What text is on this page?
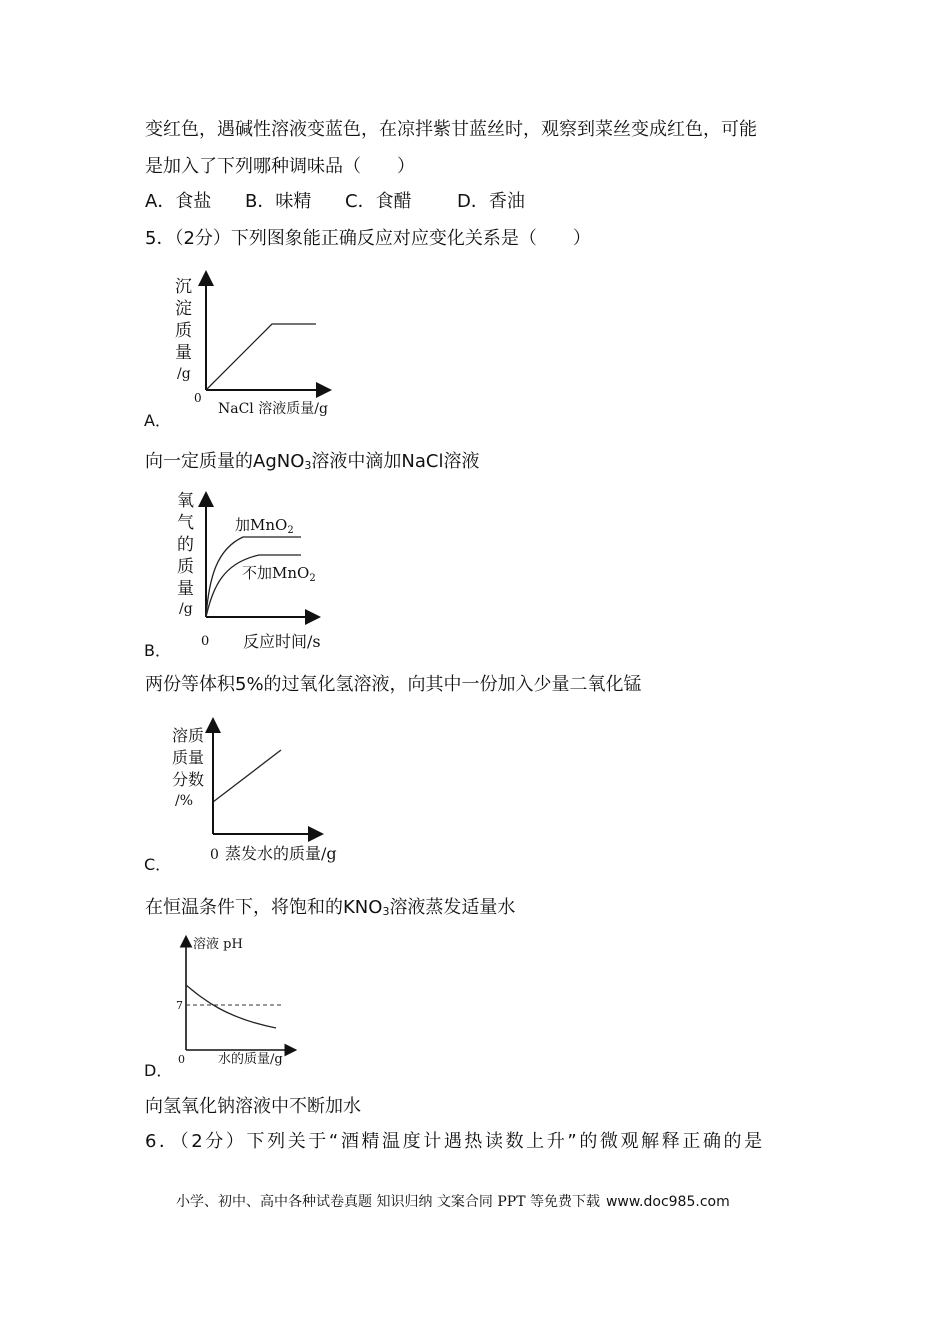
变红色，遇碱性溶液变蓝色，在凉拌紫甘蓝丝时，观察到菜丝变成红色，可能
是加入了下列哪种调味品（　　）
A．食盐 B．味精 C．食醋	D．香油
5．（2分）下列图象能正确反应对应变化关系是（　　）
沉
淀
质
量
/g
0
NaCl 溶液质量/g
A．
向一定质量的AgNO$_3$溶液中滴加NaCl溶液
氧
气
的
质
量
/g
加MnO$_2$
不加MnO$_2$
0 反应时间/s
B．
两份等体积5%的过氧化氢溶液，向其中一份加入少量二氧化锰
溶质
质量
分数
/%
0 蒸发水的质量/g
C．
在恒温条件下，将饱和的$KNO_3$溶液蒸发适量水
溶液 pH
7
0	水的质量/g
D．
向氢氧化钠溶液中不断加水
6．（2分）下列关于“酒精温度计遇热读数上升”的微观解释正确的是
小学、初中、高中各种试卷真题 知识归纳 文案合同 PPT 等免费下载 www.doc985.com
